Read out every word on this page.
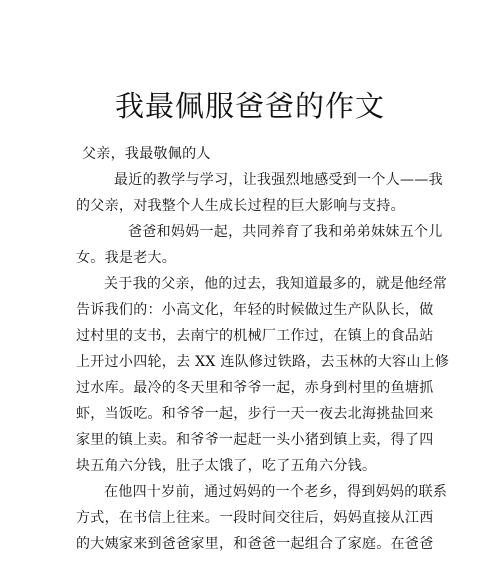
我最佩服爸爸的作文
父亲，我最敬佩的人
最近的教学与学习，让我强烈地感受到一个人——我
的父亲，对我整个人生成长过程的巨大影响与支持。
爸爸和妈妈一起，共同养育了我和弟弟妹妹五个儿
女。我是老大。
关于我的父亲，他的过去，我知道最多的，就是他经常
告诉我们的：小高文化，年轻的时候做过生产队队长，做
过村里的支书，去南宁的机械厂工作过，在镇上的食品站
上开过小四轮，去 XX 连队修过铁路，去玉林的大容山上修
过水库。最冷的冬天里和爷爷一起，赤身到村里的鱼塘抓
虾，当饭吃。和爷爷一起，步行一天一夜去北海挑盐回来
家里的镇上卖。和爷爷一起赶一头小猪到镇上卖，得了四
块五角六分钱，肚子太饿了，吃了五角六分钱。
在他四十岁前，通过妈妈的一个老乡，得到妈妈的联系
方式，在书信上往来。一段时间交往后，妈妈直接从江西
的大姨家来到爸爸家里，和爸爸一起组合了家庭。在爸爸
